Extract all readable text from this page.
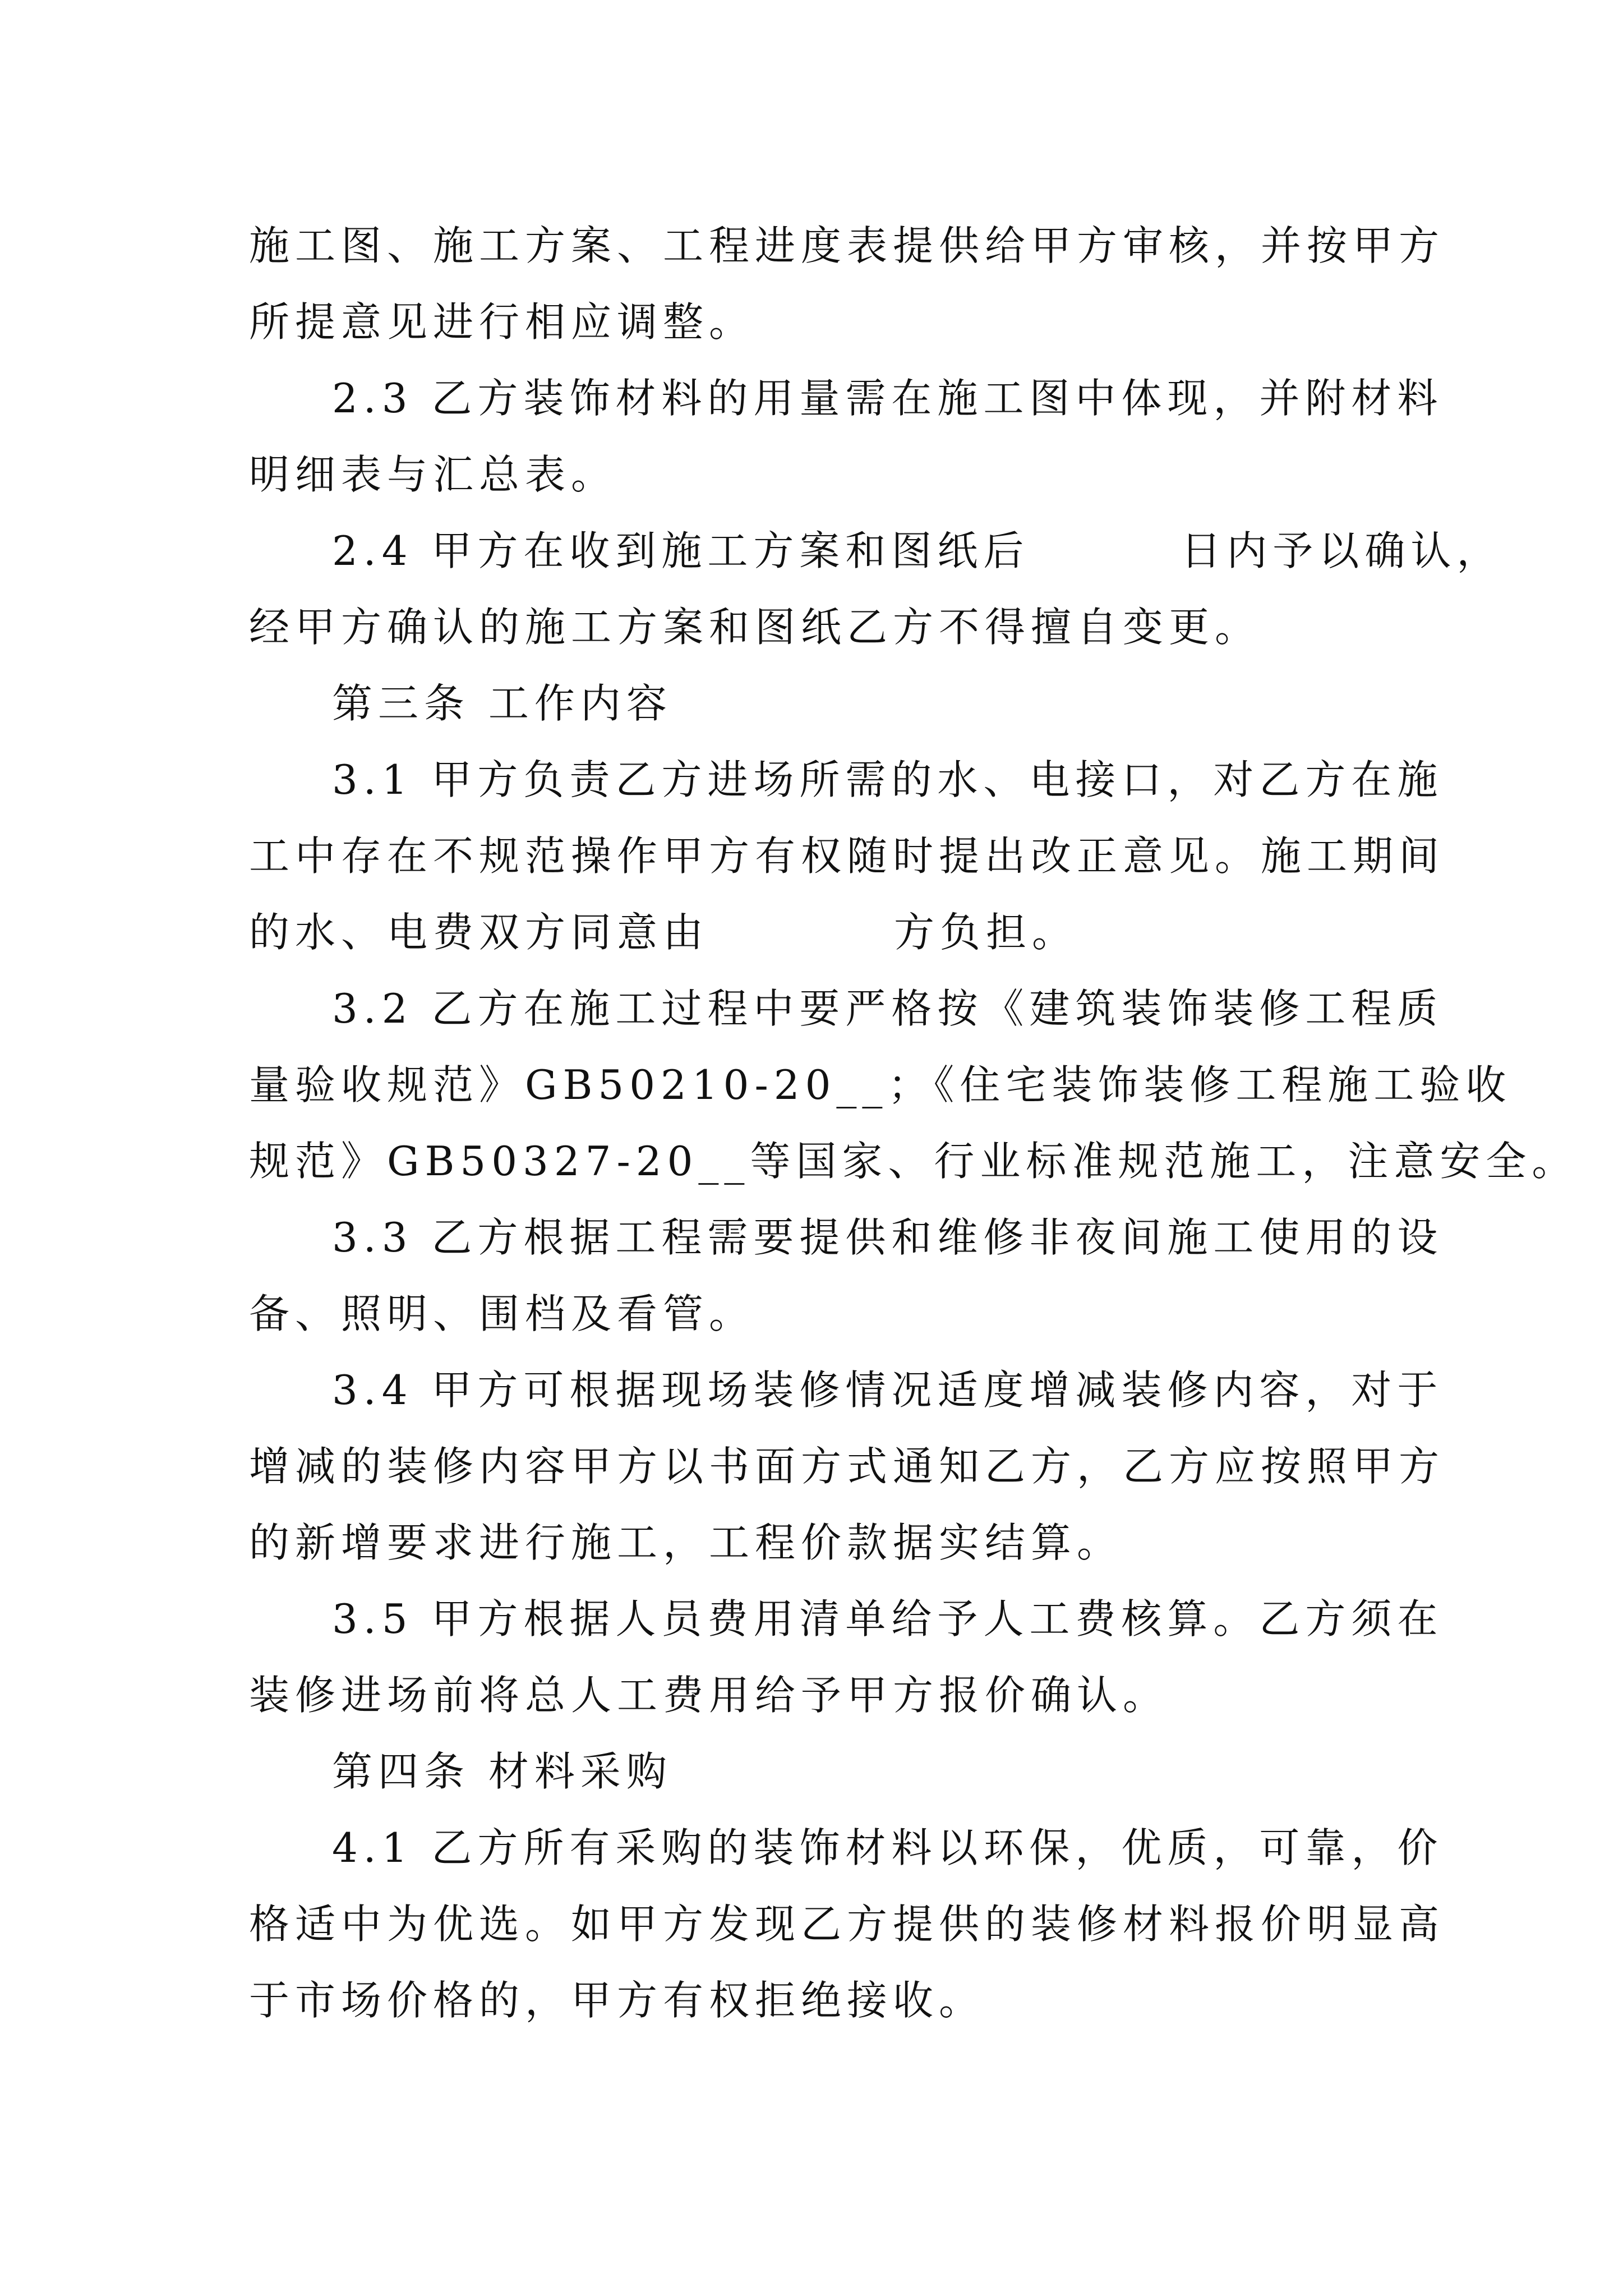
施工图、施工方案、工程进度表提供给甲方审核，并按甲方
所提意见进行相应调整。
2.3 乙方装饰材料的用量需在施工图中体现，并附材料
明细表与汇总表。
2.4 甲方在收到施工方案和图纸后	日内予以确认，
经甲方确认的施工方案和图纸乙方不得擅自变更。
第三条 工作内容
3.1 甲方负责乙方进场所需的水、电接口，对乙方在施
工中存在不规范操作甲方有权随时提出改正意见。施工期间
的水、电费双方同意由	方负担。
3.2 乙方在施工过程中要严格按《建筑装饰装修工程质
量验收规范》GB50210-20__；《住宅装饰装修工程施工验收
规范》GB50327-20__等国家、行业标准规范施工，注意安全。
3.3 乙方根据工程需要提供和维修非夜间施工使用的设
备、照明、围档及看管。
3.4 甲方可根据现场装修情况适度增减装修内容，对于
增减的装修内容甲方以书面方式通知乙方，乙方应按照甲方
的新增要求进行施工，工程价款据实结算。
3.5 甲方根据人员费用清单给予人工费核算。乙方须在
装修进场前将总人工费用给予甲方报价确认。
第四条 材料采购
4.1 乙方所有采购的装饰材料以环保，优质，可靠，价
格适中为优选。如甲方发现乙方提供的装修材料报价明显高
于市场价格的，甲方有权拒绝接收。
